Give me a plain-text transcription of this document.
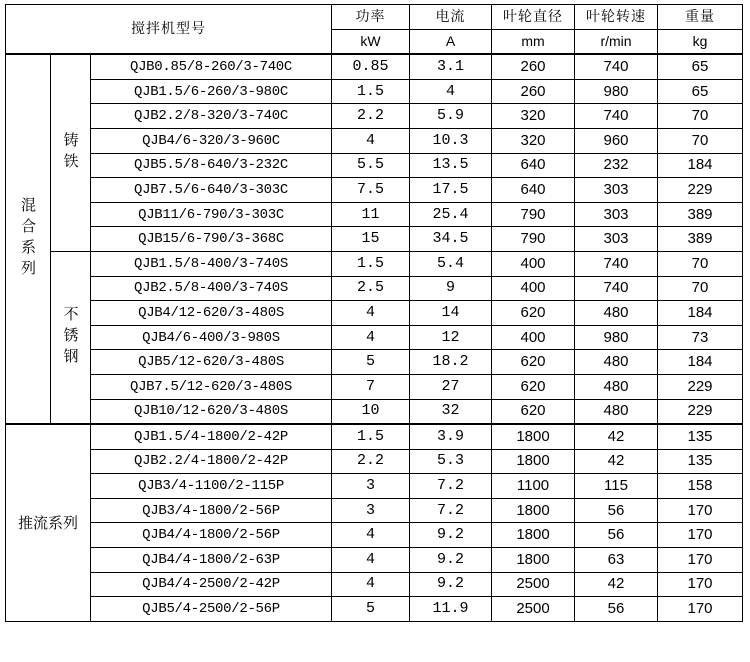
搅拌机型号			功率	电流	叶轮直径	叶轮转速	重量
			kW	A	mm	r/min	kg

混合系列	铸铁	QJB0.85/8-260/3-740C	0.85	3.1	260	740	65
		QJB1.5/6-260/3-980C	1.5	4	260	980	65
		QJB2.2/8-320/3-740C	2.2	5.9	320	740	70
		QJB4/6-320/3-960C	4	10.3	320	960	70
		QJB5.5/8-640/3-232C	5.5	13.5	640	232	184
		QJB7.5/6-640/3-303C	7.5	17.5	640	303	229
		QJB11/6-790/3-303C	11	25.4	790	303	389
		QJB15/6-790/3-368C	15	34.5	790	303	389

	不锈钢	QJB1.5/8-400/3-740S	1.5	5.4	400	740	70
		QJB2.5/8-400/3-740S	2.5	9	400	740	70
		QJB4/12-620/3-480S	4	14	620	480	184
		QJB4/6-400/3-980S	4	12	400	980	73
		QJB5/12-620/3-480S	5	18.2	620	480	184
		QJB7.5/12-620/3-480S	7	27	620	480	229
		QJB10/12-620/3-480S	10	32	620	480	229
推流系列		QJB1.5/4-1800/2-42P	1.5	3.9	1800	42	135
		QJB2.2/4-1800/2-42P	2.2	5.3	1800	42	135
		QJB3/4-1100/2-115P	3	7.2	1100	115	158
		QJB3/4-1800/2-56P	3	7.2	1800	56	170
		QJB4/4-1800/2-56P	4	9.2	1800	56	170
		QJB4/4-1800/2-63P	4	9.2	1800	63	170
		QJB4/4-2500/2-42P	4	9.2	2500	42	170
		QJB5/4-2500/2-56P	5	11.9	2500	56	170
